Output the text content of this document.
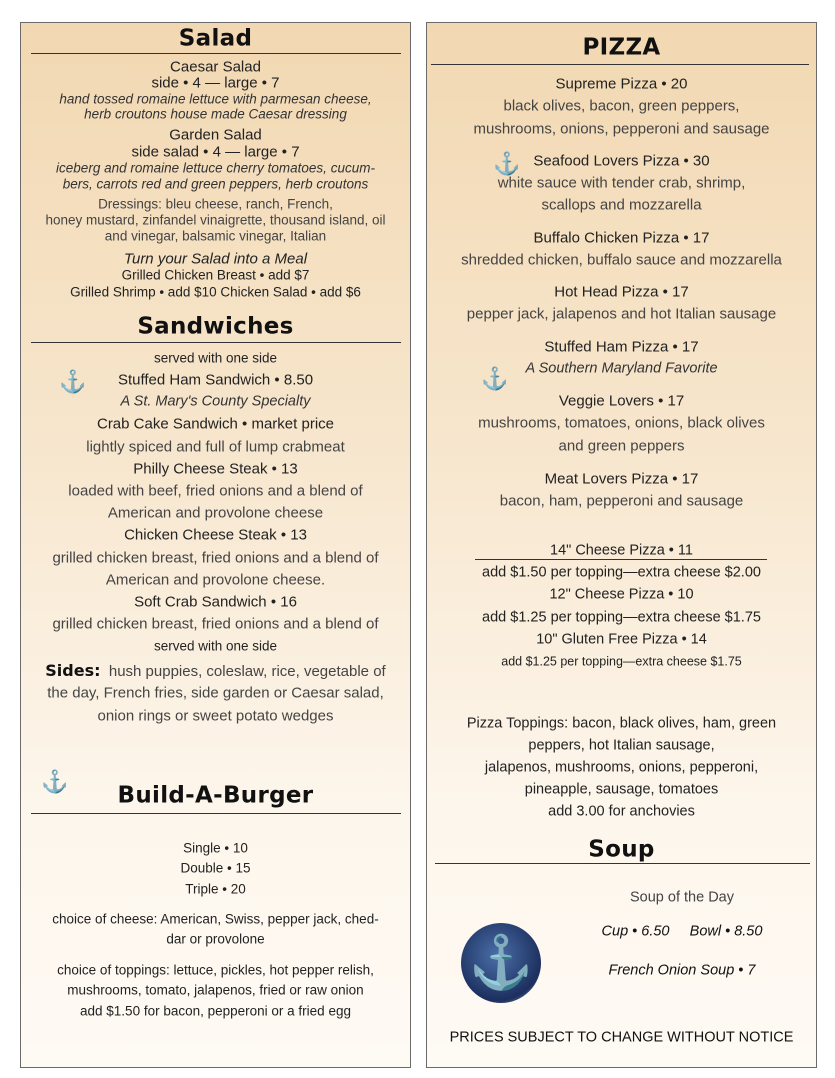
Salad
Caesar Salad
side • 4 — large • 7
hand tossed romaine lettuce with parmesan cheese,
herb croutons house made Caesar dressing
Garden Salad
side salad • 4 — large • 7
iceberg and romaine lettuce cherry tomatoes, cucum-
bers, carrots red and green peppers, herb croutons
Dressings: bleu cheese, ranch, French,
honey mustard, zinfandel vinaigrette, thousand island, oil
and vinegar, balsamic vinegar, Italian
Turn your Salad into a Meal
Grilled Chicken Breast • add $7
Grilled Shrimp • add $10 Chicken Salad • add $6
Sandwiches
served with one side
⚓	Stuffed Ham Sandwich • 8.50
A St. Mary's County Specialty
Crab Cake Sandwich • market price
lightly spiced and full of lump crabmeat
Philly Cheese Steak • 13
loaded with beef, fried onions and a blend of
American and provolone cheese
Chicken Cheese Steak • 13
grilled chicken breast, fried onions and a blend of
American and provolone cheese.
Soft Crab Sandwich • 16
grilled chicken breast, fried onions and a blend of
served with one side
Sides: hush puppies, coleslaw, rice, vegetable of
the day, French fries, side garden or Caesar salad,
onion rings or sweet potato wedges
⚓
Build-A-Burger
Single • 10
Double • 15
Triple • 20
choice of cheese: American, Swiss, pepper jack, ched-
dar or provolone
choice of toppings: lettuce, pickles, hot pepper relish,
mushrooms, tomato, jalapenos, fried or raw onion
add $1.50 for bacon, pepperoni or a fried egg
PIZZA
Supreme Pizza • 20
black olives, bacon, green peppers,
mushrooms, onions, pepperoni and sausage
⚓ Seafood Lovers Pizza • 30
white sauce with tender crab, shrimp,
scallops and mozzarella
Buffalo Chicken Pizza • 17
shredded chicken, buffalo sauce and mozzarella
Hot Head Pizza • 17
pepper jack, jalapenos and hot Italian sausage
Stuffed Ham Pizza • 17
⚓	A Southern Maryland Favorite
Veggie Lovers • 17
mushrooms, tomatoes, onions, black olives
and green peppers
Meat Lovers Pizza • 17
bacon, ham, pepperoni and sausage
14" Cheese Pizza • 11
add $1.50 per topping—extra cheese $2.00
12" Cheese Pizza • 10
add $1.25 per topping—extra cheese $1.75
10" Gluten Free Pizza • 14
add $1.25 per topping—extra cheese $1.75
Pizza Toppings: bacon, black olives, ham, green
peppers, hot Italian sausage,
jalapenos, mushrooms, onions, pepperoni,
pineapple, sausage, tomatoes
add 3.00 for anchovies
Soup
Soup of the Day
Cup • 6.50 Bowl • 8.50
French Onion Soup • 7
⚓
PRICES SUBJECT TO CHANGE WITHOUT NOTICE
